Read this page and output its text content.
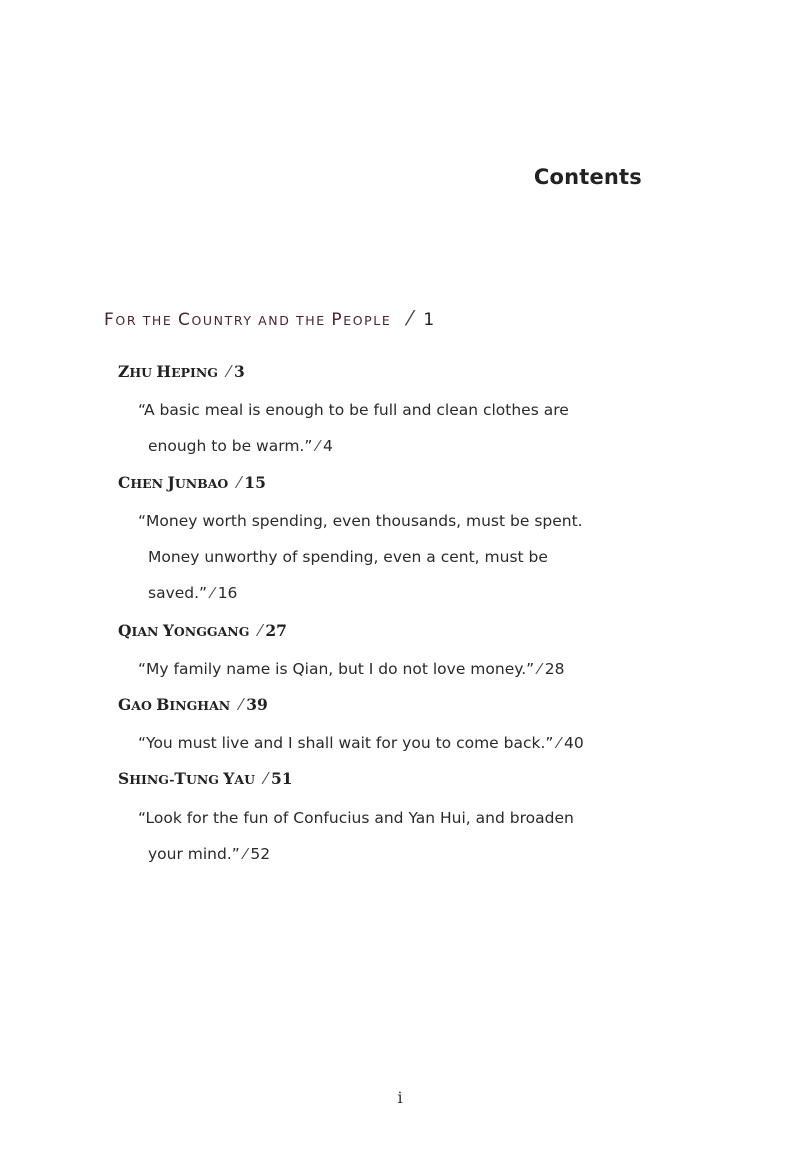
Contents
FOR THE COUNTRY AND THE PEOPLE ⁄ 1
ZHU HEPING ⁄ 3
“A basic meal is enough to be full and clean clothes are
enough to be warm.” ⁄ 4
CHEN JUNBAO ⁄ 15
“Money worth spending, even thousands, must be spent.
Money unworthy of spending, even a cent, must be
saved.” ⁄ 16
QIAN YONGGANG ⁄ 27
“My family name is Qian, but I do not love money.” ⁄ 28
GAO BINGHAN ⁄ 39
“You must live and I shall wait for you to come back.” ⁄ 40
SHING-TUNG YAU ⁄ 51
“Look for the fun of Confucius and Yan Hui, and broaden
your mind.” ⁄ 52
i
